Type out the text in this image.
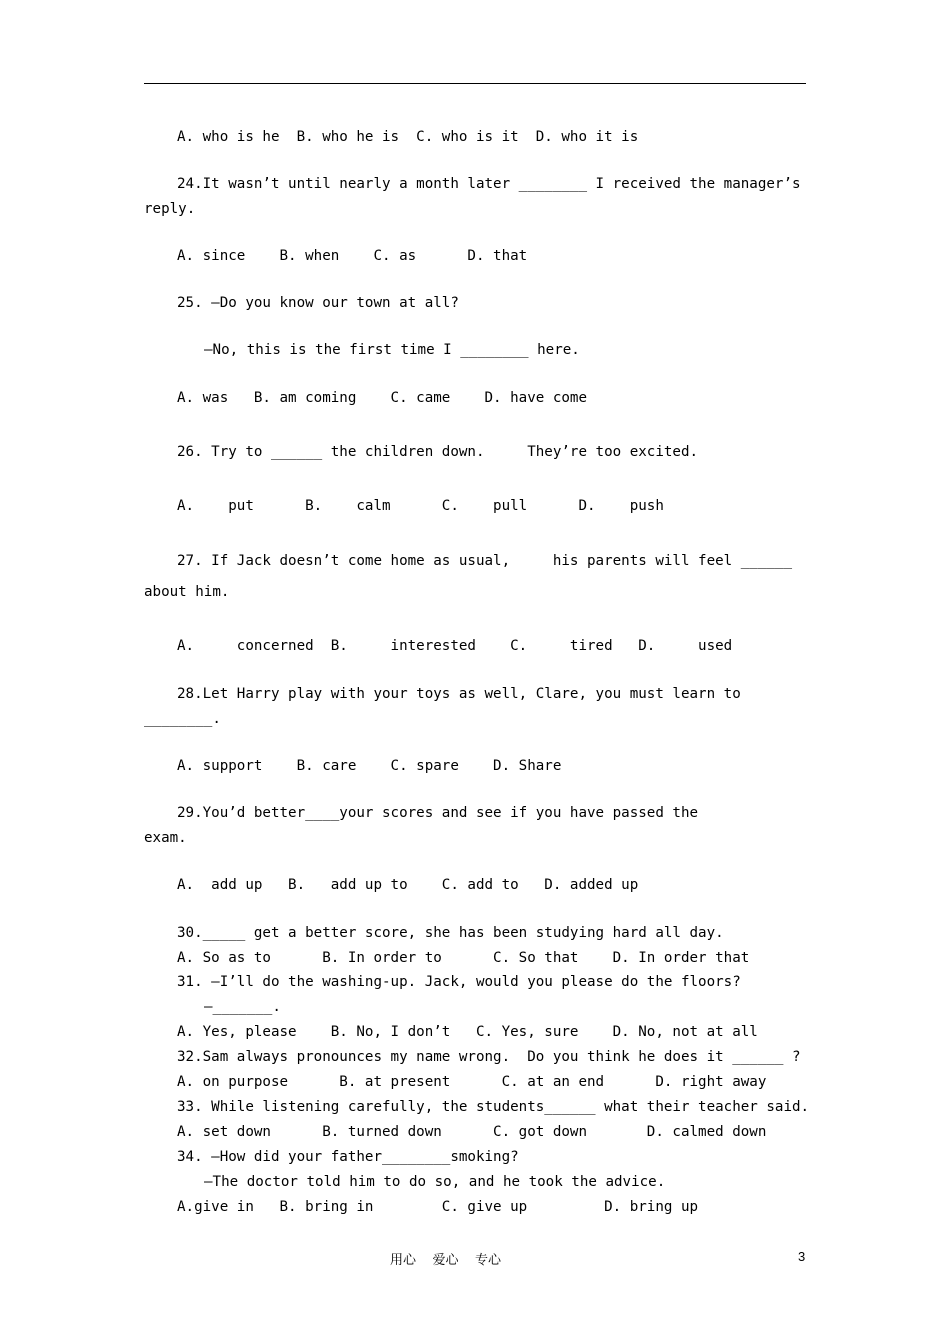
A. who is he  B. who he is  C. who is it  D. who it is
24.It wasn’t until nearly a month later ________ I received the manager’s
reply.
A. since    B. when    C. as      D. that
25. —Do you know our town at all?
—No, this is the first time I ________ here.
A. was   B. am coming    C. came    D. have come
26. Try to ______ the children down.     They’re too excited.
A.    put      B.    calm      C.    pull      D.    push
27. If Jack doesn’t come home as usual,     his parents will feel ______
about him.
A.     concerned  B.     interested    C.     tired   D.     used
28.Let Harry play with your toys as well, Clare, you must learn to
________.
A. support    B. care    C. spare    D. Share
29.You’d better____your scores and see if you have passed the
exam.
A.  add up   B.   add up to    C. add to   D. added up
30._____ get a better score, she has been studying hard all day.
A. So as to      B. In order to      C. So that    D. In order that
31. —I’ll do the washing-up. Jack, would you please do the floors?
—_______.
A. Yes, please    B. No, I don’t   C. Yes, sure    D. No, not at all
32.Sam always pronounces my name wrong.  Do you think he does it ______ ?
A. on purpose      B. at present      C. at an end      D. right away
33. While listening carefully, the students______ what their teacher said.
A. set down      B. turned down      C. got down       D. calmed down
34. —How did your father________smoking?
—The doctor told him to do so, and he took the advice.
A.give in   B. bring in        C. give up         D. bring up
用心    爱心    专心	3
